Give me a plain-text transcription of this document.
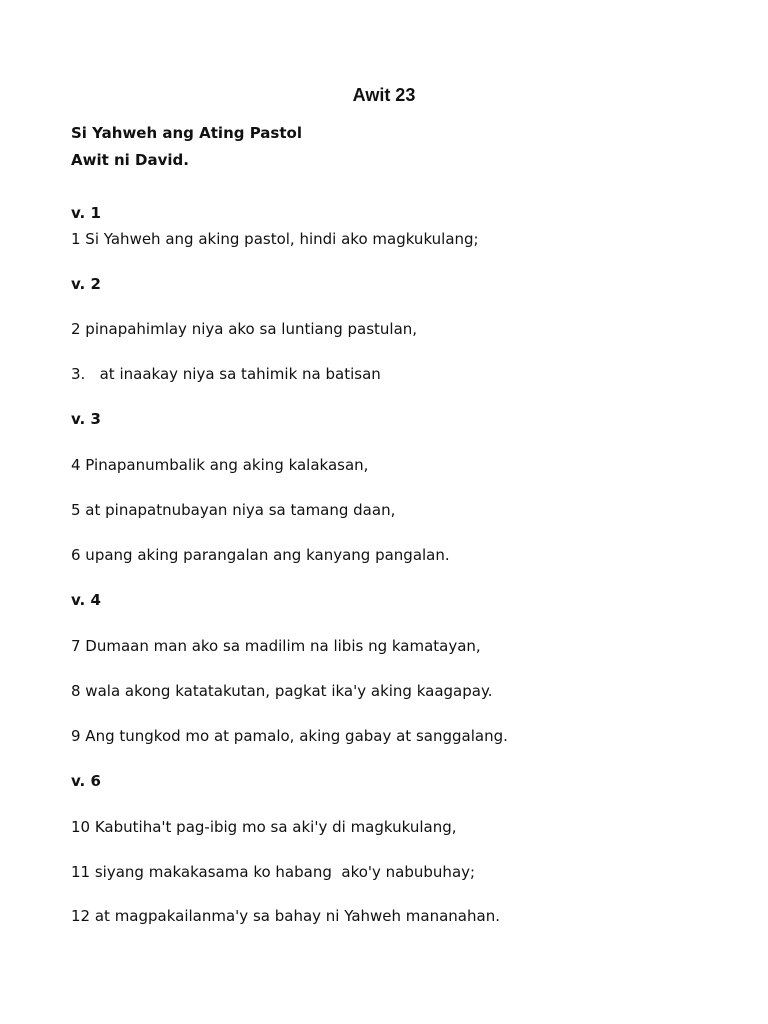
Awit 23
Si Yahweh ang Ating Pastol
Awit ni David.
v. 1
1 Si Yahweh ang aking pastol, hindi ako magkukulang;
v. 2
2 pinapahimlay niya ako sa luntiang pastulan,
3.   at inaakay niya sa tahimik na batisan
v. 3
4 Pinapanumbalik ang aking kalakasan,
5 at pinapatnubayan niya sa tamang daan,
6 upang aking parangalan ang kanyang pangalan.
v. 4
7 Dumaan man ako sa madilim na libis ng kamatayan,
8 wala akong katatakutan, pagkat ika'y aking kaagapay.
9 Ang tungkod mo at pamalo, aking gabay at sanggalang.
v. 6
10 Kabutiha't pag-ibig mo sa aki'y di magkukulang,
11 siyang makakasama ko habang  ako'y nabubuhay;
12 at magpakailanma'y sa bahay ni Yahweh mananahan.
